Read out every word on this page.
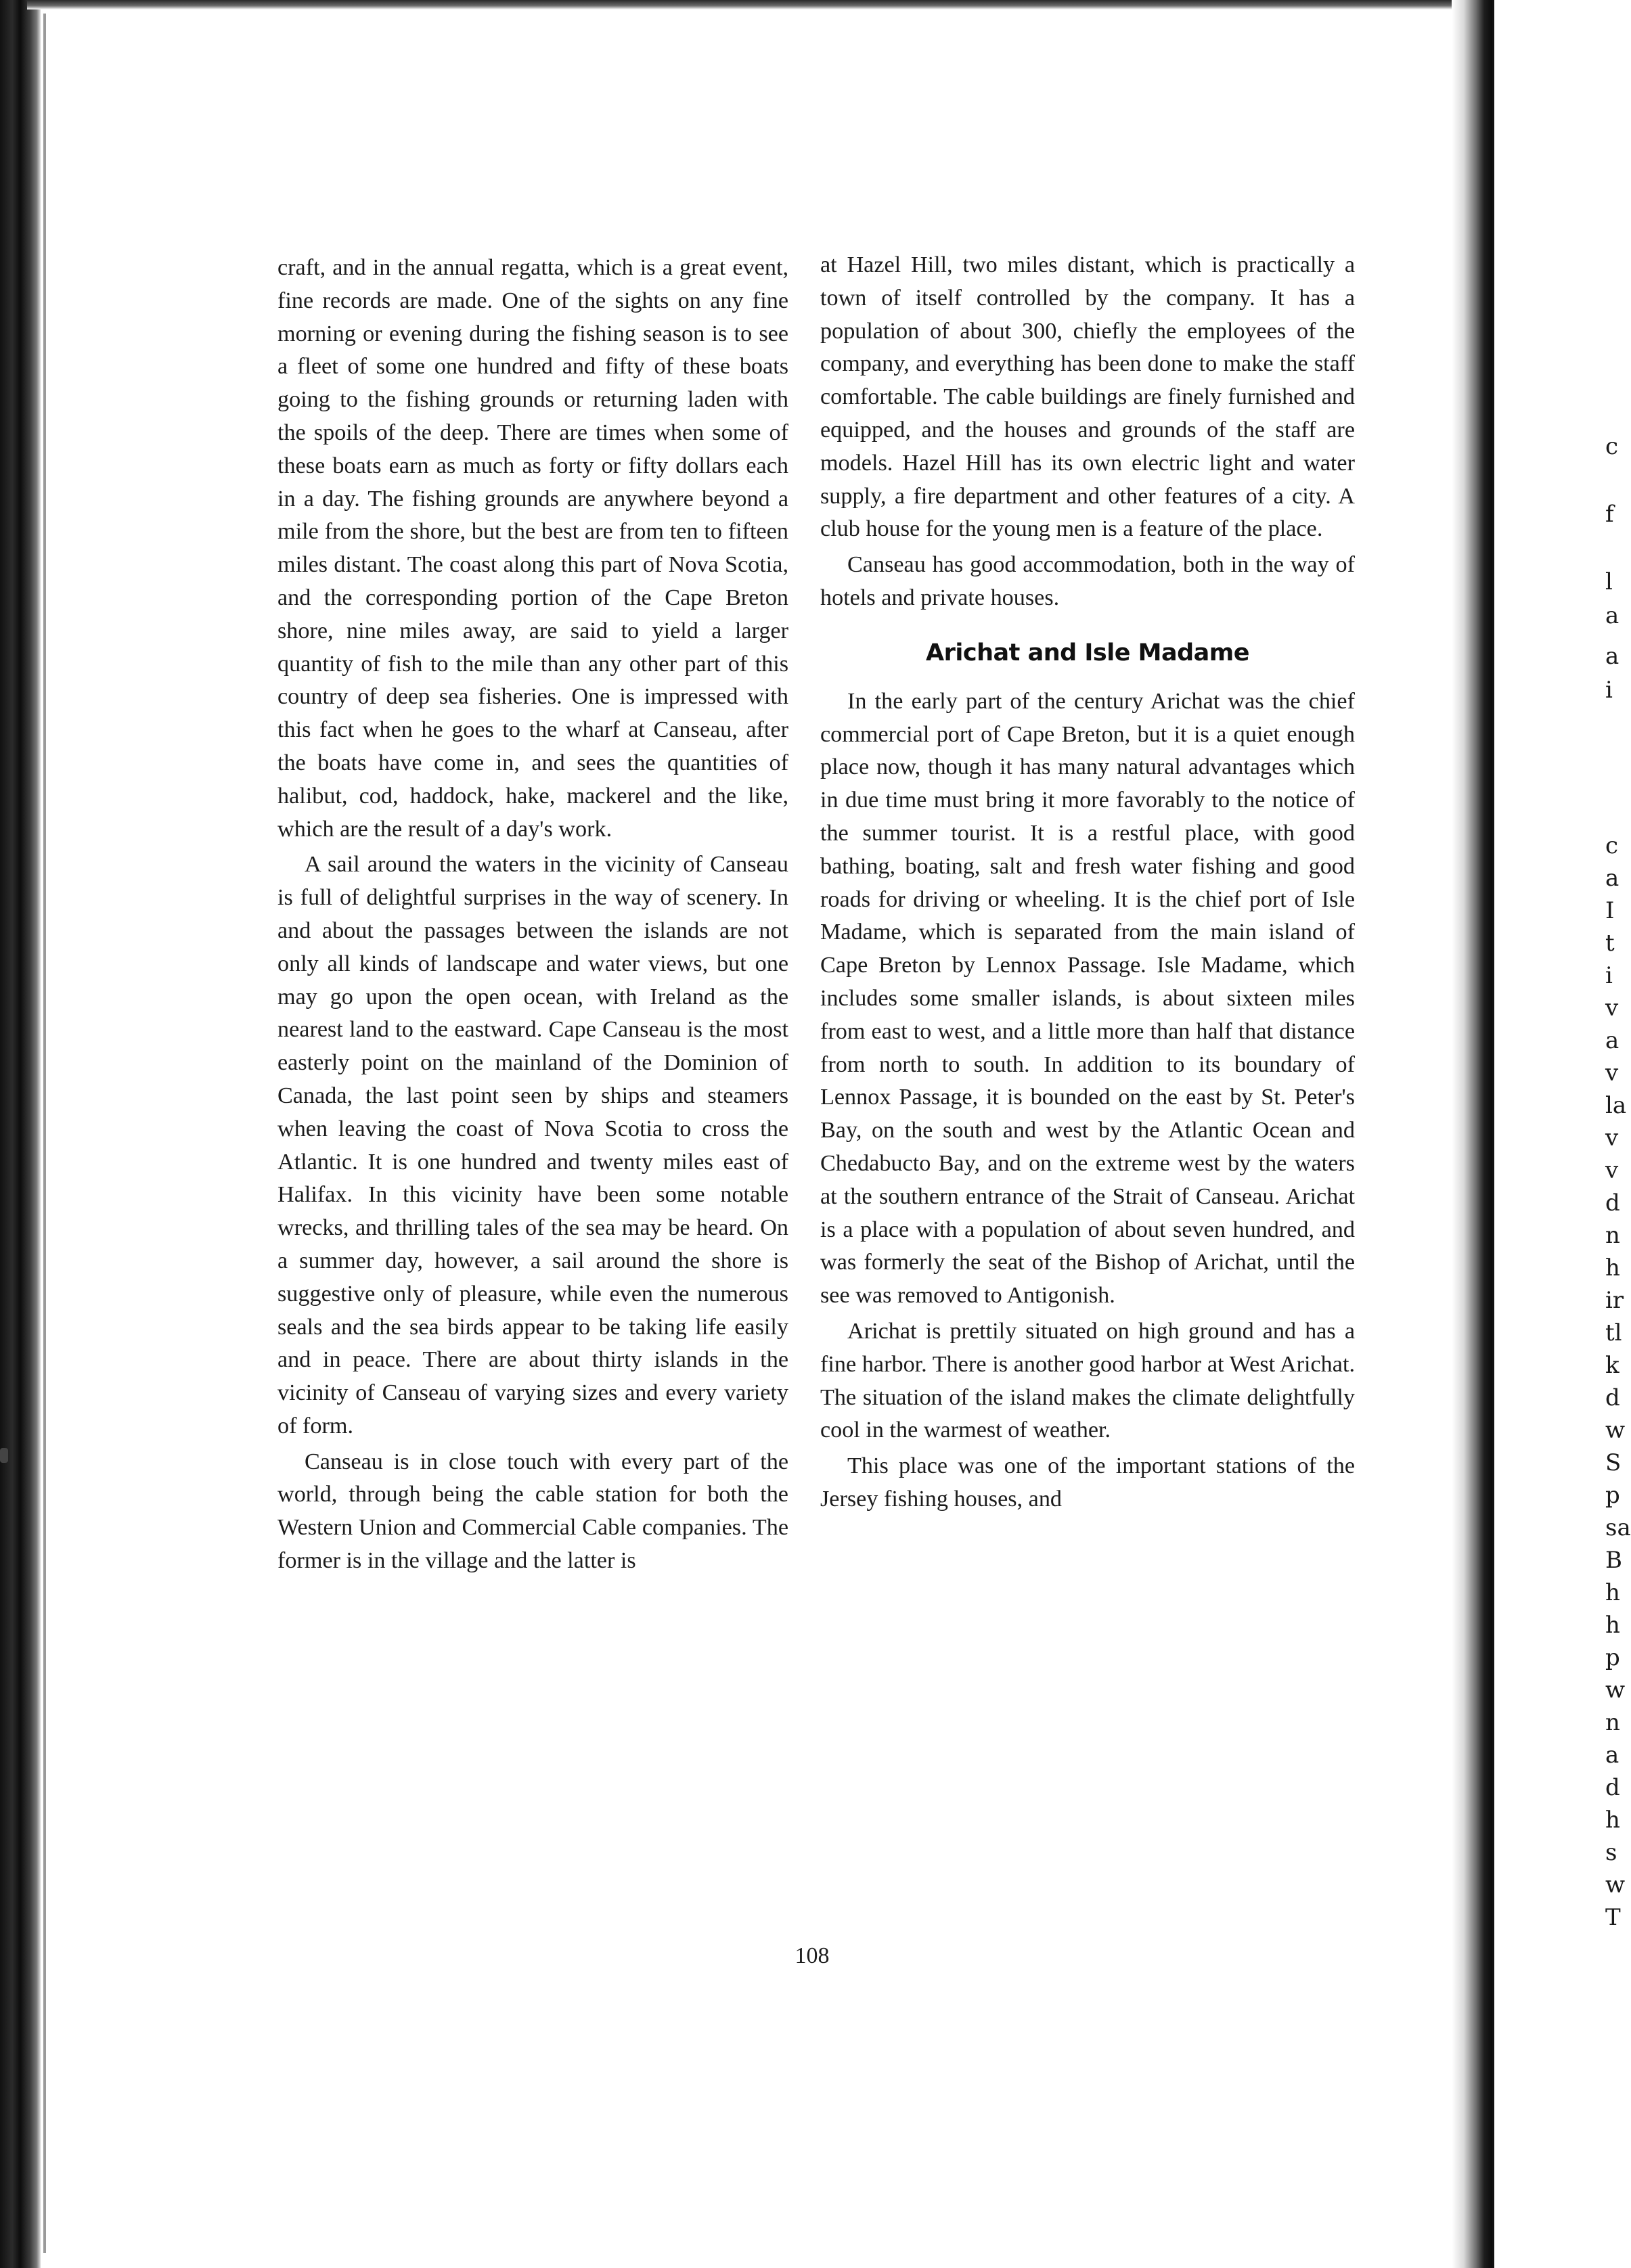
craft, and in the annual regatta, which is a great event, fine records are made. One of the sights on any fine morning or evening during the fishing season is to see a fleet of some one hundred and fifty of these boats going to the fishing grounds or returning laden with the spoils of the deep. There are times when some of these boats earn as much as forty or fifty dollars each in a day. The fishing grounds are anywhere beyond a mile from the shore, but the best are from ten to fifteen miles distant. The coast along this part of Nova Scotia, and the corresponding portion of the Cape Breton shore, nine miles away, are said to yield a larger quantity of fish to the mile than any other part of this country of deep sea fisheries. One is impressed with this fact when he goes to the wharf at Canseau, after the boats have come in, and sees the quantities of halibut, cod, haddock, hake, mackerel and the like, which are the result of a day's work.

A sail around the waters in the vicinity of Canseau is full of delightful surprises in the way of scenery. In and about the passages between the islands are not only all kinds of landscape and water views, but one may go upon the open ocean, with Ireland as the nearest land to the eastward. Cape Canseau is the most easterly point on the mainland of the Dominion of Canada, the last point seen by ships and steamers when leaving the coast of Nova Scotia to cross the Atlantic. It is one hundred and twenty miles east of Halifax. In this vicinity have been some notable wrecks, and thrilling tales of the sea may be heard. On a summer day, however, a sail around the shore is suggestive only of pleasure, while even the numerous seals and the sea birds appear to be taking life easily and in peace. There are about thirty islands in the vicinity of Canseau of varying sizes and every variety of form.

Canseau is in close touch with every part of the world, through being the cable station for both the Western Union and Commercial Cable companies. The former is in the village and the latter is

at Hazel Hill, two miles distant, which is practically a town of itself controlled by the company. It has a population of about 300, chiefly the employees of the company, and everything has been done to make the staff comfortable. The cable buildings are finely furnished and equipped, and the houses and grounds of the staff are models. Hazel Hill has its own electric light and water supply, a fire department and other features of a city. A club house for the young men is a feature of the place.

Canseau has good accommodation, both in the way of hotels and private houses.

Arichat and Isle Madame

In the early part of the century Arichat was the chief commercial port of Cape Breton, but it is a quiet enough place now, though it has many natural advantages which in due time must bring it more favorably to the notice of the summer tourist. It is a restful place, with good bathing, boating, salt and fresh water fishing and good roads for driving or wheeling. It is the chief port of Isle Madame, which is separated from the main island of Cape Breton by Lennox Passage. Isle Madame, which includes some smaller islands, is about sixteen miles from east to west, and a little more than half that distance from north to south. In addition to its boundary of Lennox Passage, it is bounded on the east by St. Peter's Bay, on the south and west by the Atlantic Ocean and Chedabucto Bay, and on the extreme west by the waters at the southern entrance of the Strait of Canseau. Arichat is a place with a population of about seven hundred, and was formerly the seat of the Bishop of Arichat, until the see was removed to Antigonish.

Arichat is prettily situated on high ground and has a fine harbor. There is another good harbor at West Arichat. The situation of the island makes the climate delightfully cool in the warmest of weather.

This place was one of the important stations of the Jersey fishing houses, and

108
c
f
l
a
a
i
c
a
I
t
i
v
a
v
la
v
v
d
n
h
ir
tl
k
d
w
S
p
sa
B
h
h
p
w
n
a
d
h
s
w
T
